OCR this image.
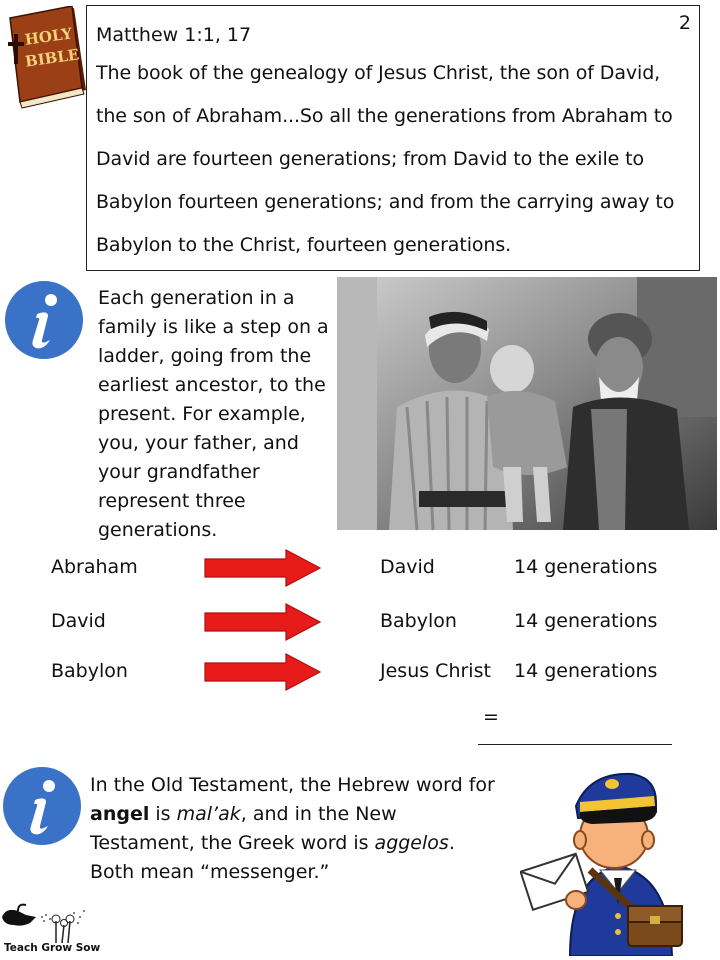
HOLY
BIBLE
2
Matthew 1:1, 17
The book of the genealogy of Jesus Christ, the son of David, the son of Abraham...So all the generations from Abraham to David are fourteen generations; from David to the exile to Babylon fourteen generations; and from the carrying away to Babylon to the Christ, fourteen generations.
Each generation in a family is like a step on a ladder, going from the earliest ancestor, to the present. For example, you, your father, and your grandfather represent three generations.
Abraham	David	14 generations
David	Babylon	14 generations
Babylon	Jesus Christ 14 generations
=
In the Old Testament, the Hebrew word for angel is mal’ak, and in the New Testament, the Greek word is aggelos. Both mean “messenger.”
Teach Grow Sow
